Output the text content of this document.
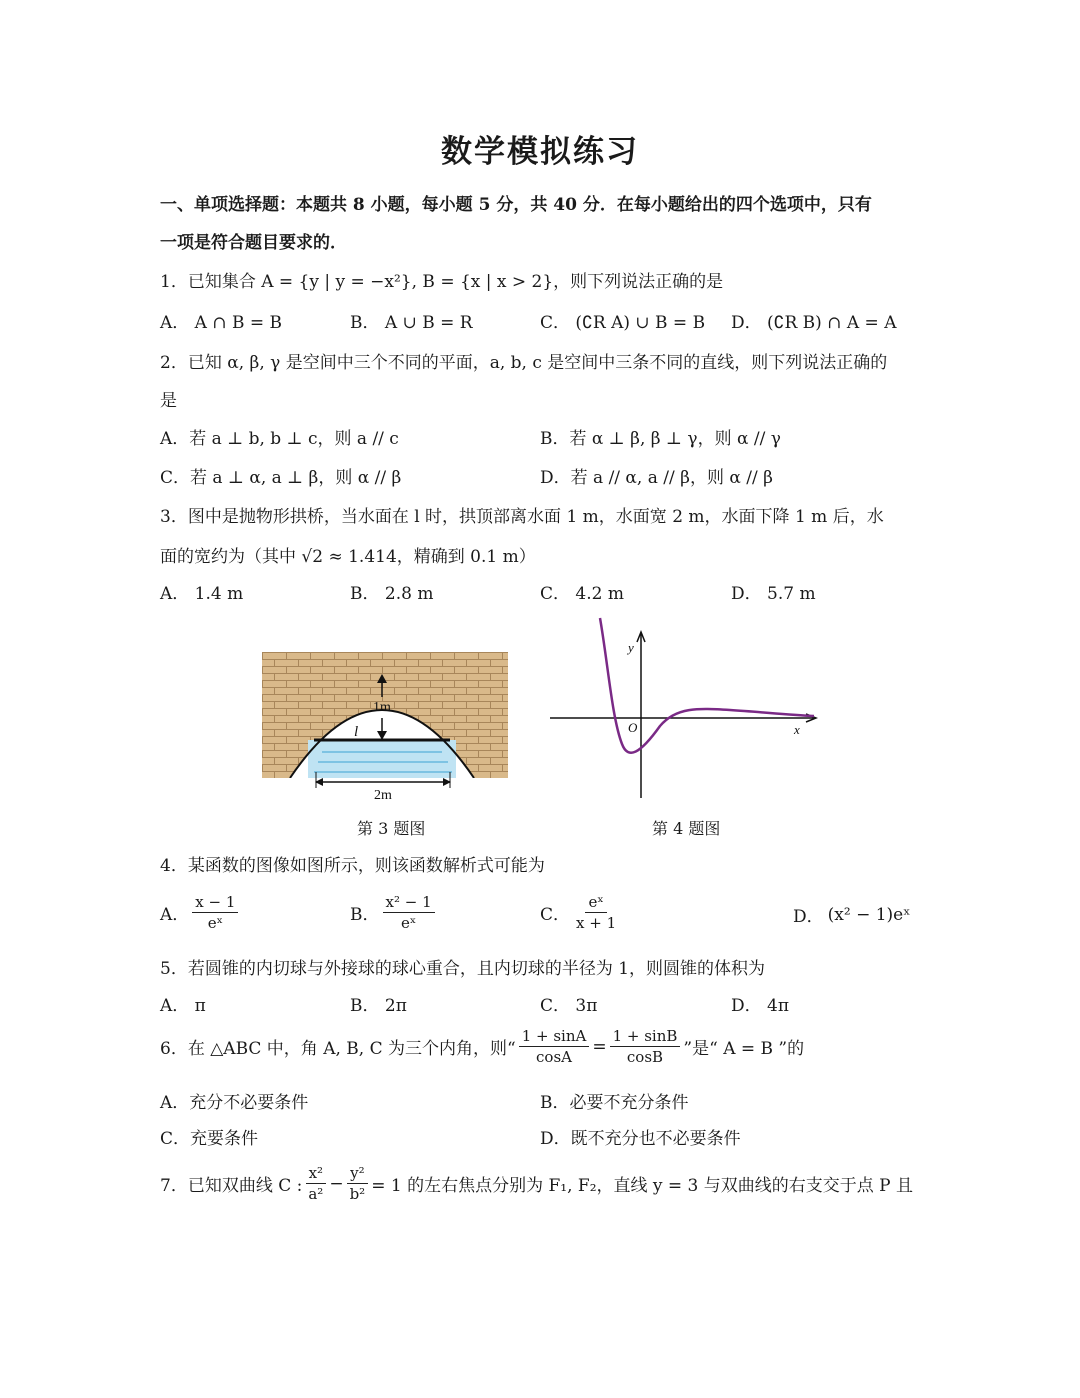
数学模拟练习
一、单项选择题：本题共 8 小题，每小题 5 分，共 40 分．在每小题给出的四个选项中，只有
一项是符合题目要求的．
1．已知集合 A = {y | y = −x²}, B = {x | x > 2}，则下列说法正确的是
A． A ∩ B = B	B． A ∪ B = R	C． (∁R A) ∪ B = B D． (∁R B) ∩ A = A
2．已知 α, β, γ 是空间中三个不同的平面，a, b, c 是空间中三条不同的直线，则下列说法正确的
是
A．若 a ⊥ b, b ⊥ c，则 a // c	B．若 α ⊥ β, β ⊥ γ，则 α // γ
C．若 a ⊥ α, a ⊥ β，则 α // β	D．若 a // α, a // β，则 α // β
3．图中是抛物形拱桥，当水面在 l 时，拱顶部离水面 1 m，水面宽 2 m，水面下降 1 m 后，水
面的宽约为（其中 √2 ≈ 1.414，精确到 0.1 m）
A． 1.4 m	B． 2.8 m	C． 4.2 m	D． 5.7 m
1m
l
2m
y
x
O
第 3 题图	第 4 题图
4．某函数的图像如图所示，则该函数解析式可能为
A． $\frac{x - 1}{\text{eˣ}}$	B． $\frac{\text{x² − 1}}{\text{eˣ}}$	C． $\frac{\text{eˣ}}{x + 1}$	D． (x² − 1)eˣ
5．若圆锥的内切球与外接球的球心重合，且内切球的半径为 1，则圆锥的体积为
A． π	B． 2π	C． 3π	D． 4π
6．在 △ABC 中，角 A, B, C 为三个内角，则“ $\frac{1 + \sin A}{\cos A} = \frac{1 + \sin B}{\cos B}$ ”是“ A = B ”的
A．充分不必要条件	B．必要不充分条件
C．充要条件	D．既不充分也不必要条件
7．已知双曲线 C : $\frac{\text{x²}}{\text{a²}} - \frac{\text{y²}}{\text{b²}} = 1$ 的左右焦点分别为 F₁, F₂，直线 y = 3 与双曲线的右支交于点 P 且
